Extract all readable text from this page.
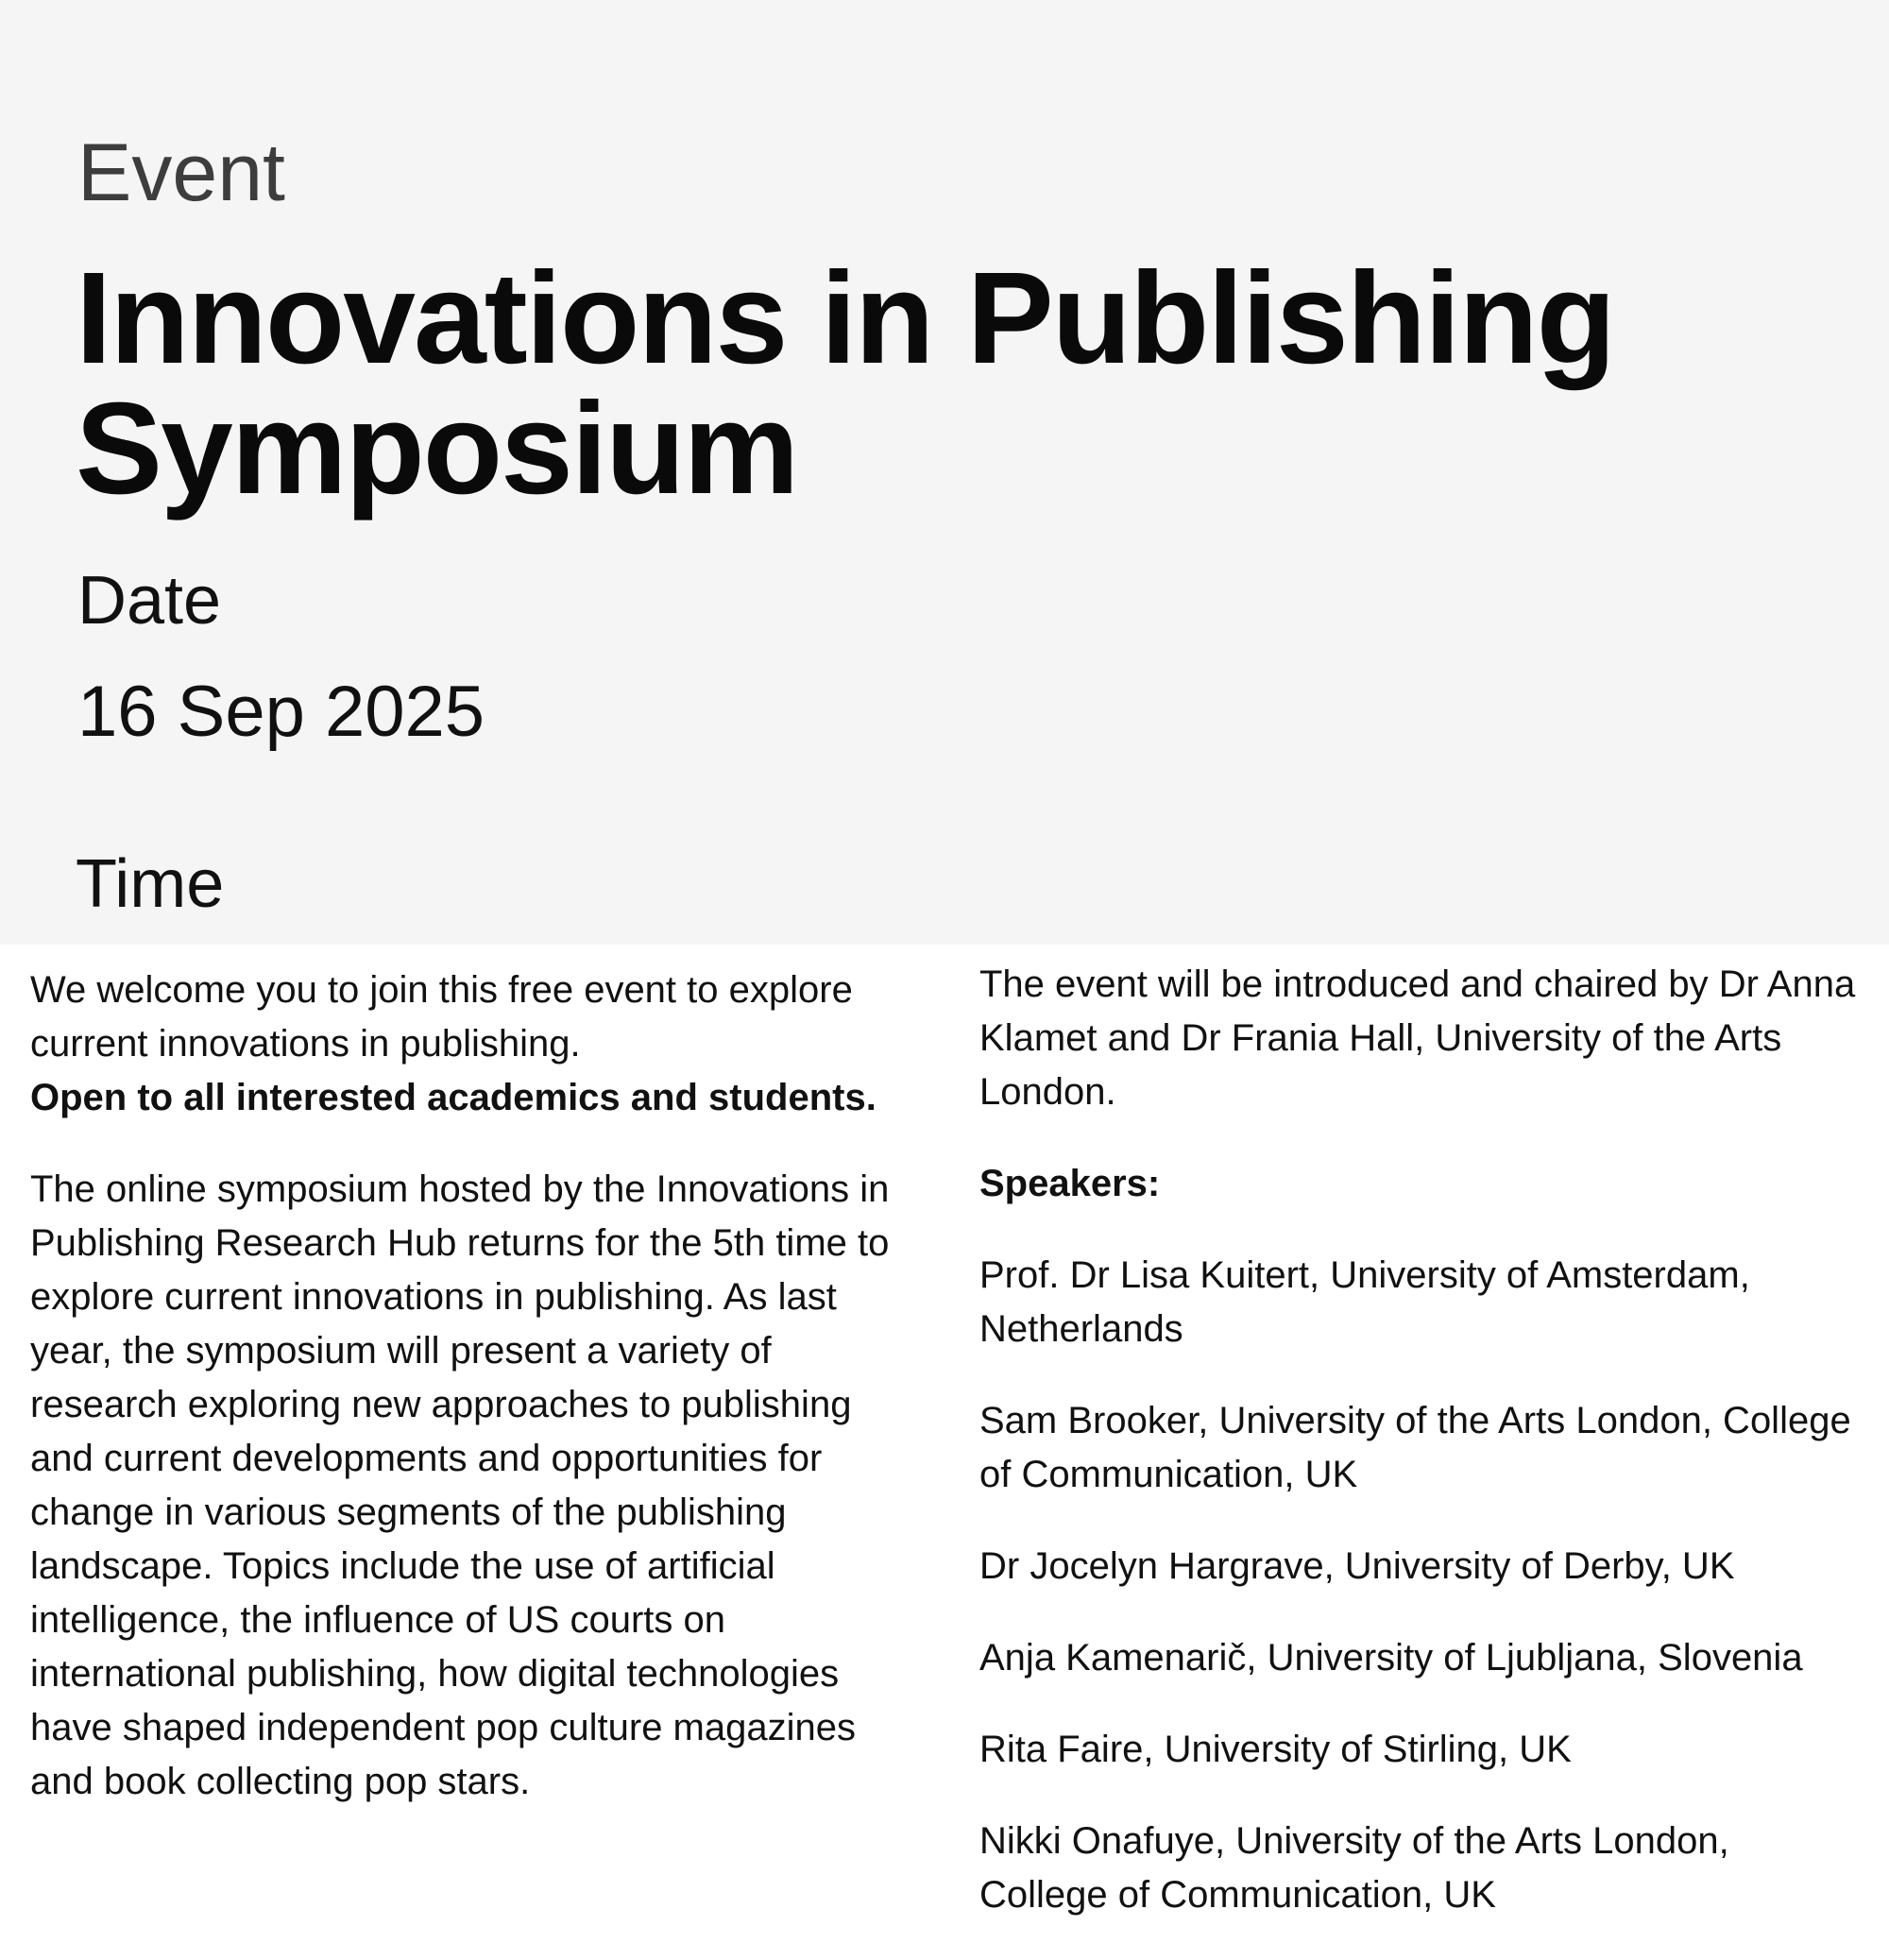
Event

Innovations in Publishing Symposium

Date

16 Sep 2025

Time

We welcome you to join this free event to explore current innovations in publishing.

Open to all interested academics and students.

The online symposium hosted by the Innovations in Publishing Research Hub returns for the 5th time to explore current innovations in publishing. As last year, the symposium will present a variety of research exploring new approaches to publishing and current developments and opportunities for change in various segments of the publishing landscape. Topics include the use of artificial intelligence, the influence of US courts on international publishing, how digital technologies have shaped independent pop culture magazines and book collecting pop stars.

The event will be introduced and chaired by Dr Anna Klamet and Dr Frania Hall, University of the Arts London.

Speakers:

Prof. Dr Lisa Kuitert, University of Amsterdam, Netherlands
Sam Brooker, University of the Arts London, College of Communication, UK
Dr Jocelyn Hargrave, University of Derby, UK
Anja Kamenarič, University of Ljubljana, Slovenia
Rita Faire, University of Stirling, UK
Nikki Onafuye, University of the Arts London, College of Communication, UK
